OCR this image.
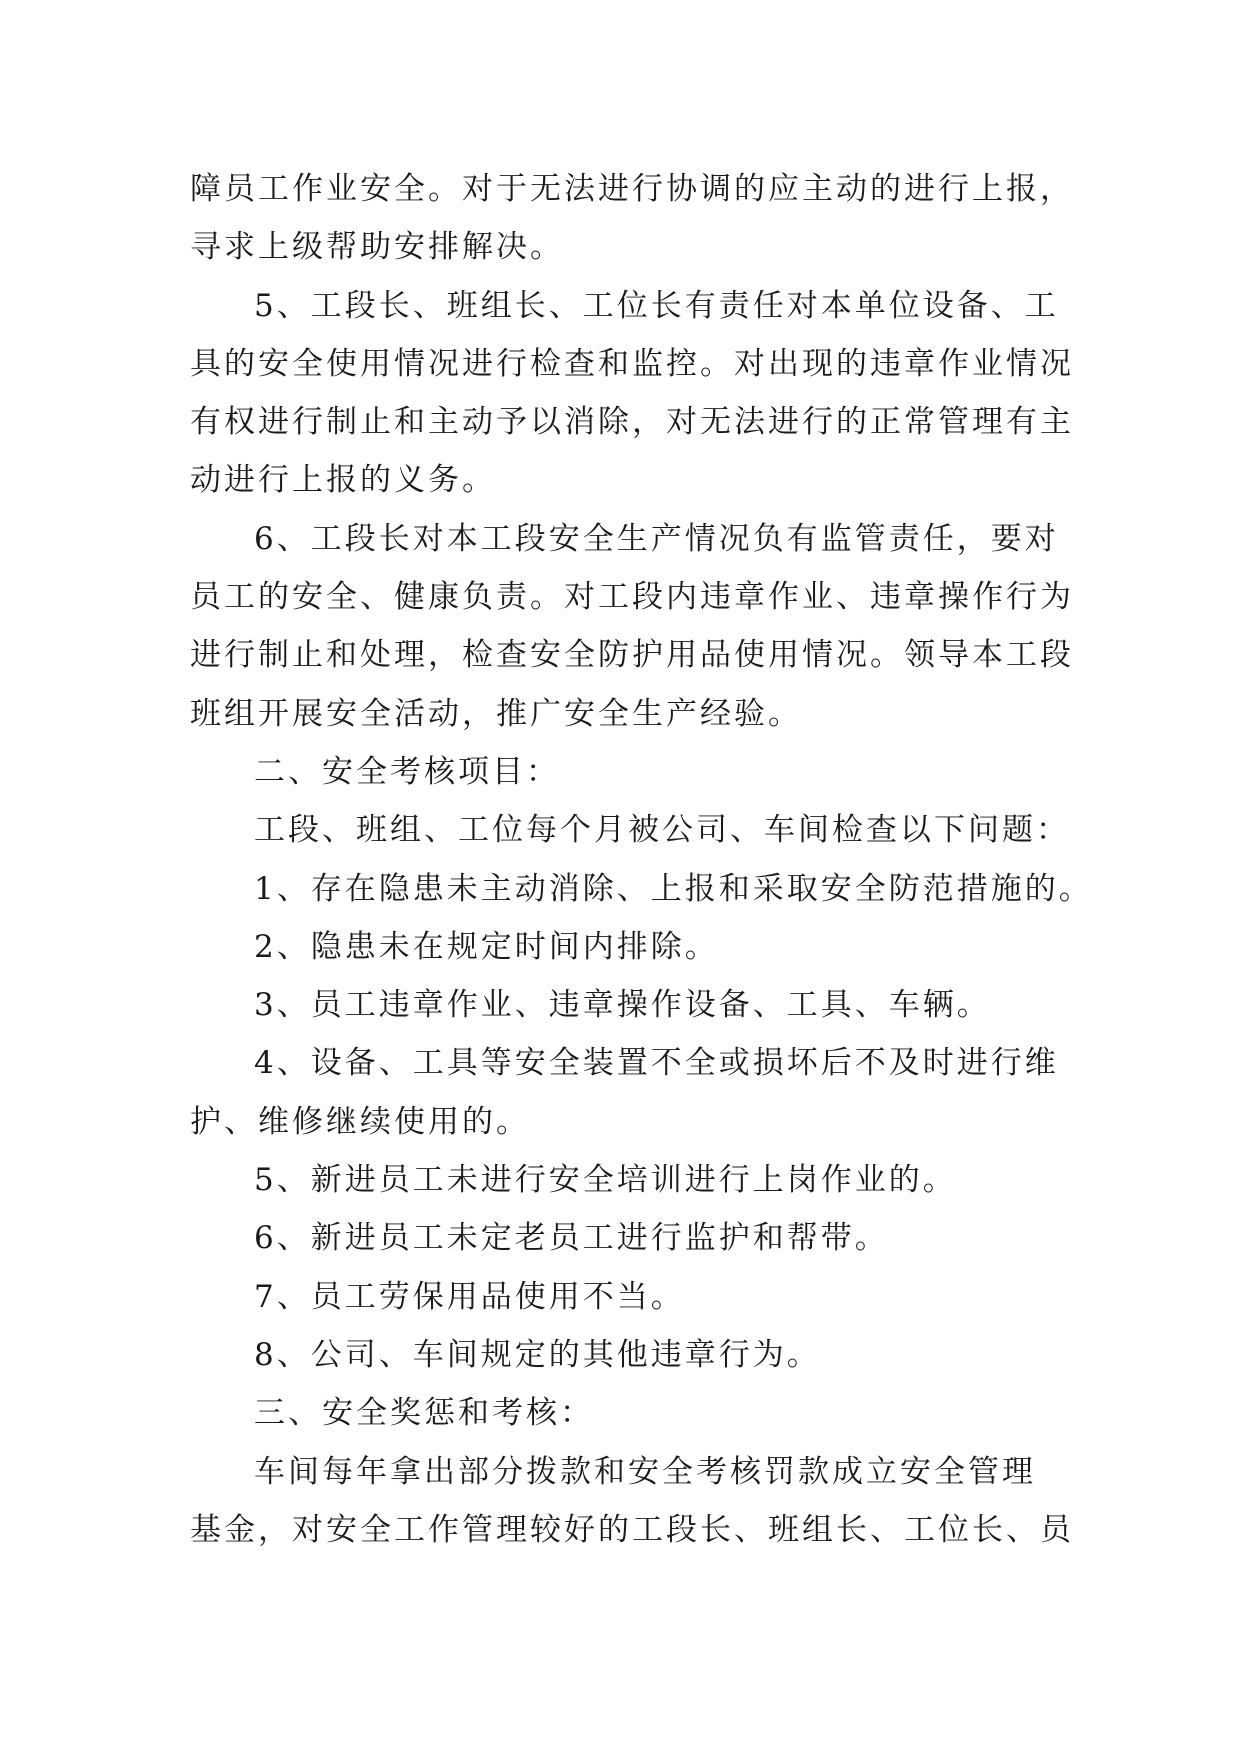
障员工作业安全。对于无法进行协调的应主动的进行上报，
寻求上级帮助安排解决。
5、工段长、班组长、工位长有责任对本单位设备、工
具的安全使用情况进行检查和监控。对出现的违章作业情况
有权进行制止和主动予以消除，对无法进行的正常管理有主
动进行上报的义务。
6、工段长对本工段安全生产情况负有监管责任，要对
员工的安全、健康负责。对工段内违章作业、违章操作行为
进行制止和处理，检查安全防护用品使用情况。领导本工段
班组开展安全活动，推广安全生产经验。
二、安全考核项目：
工段、班组、工位每个月被公司、车间检查以下问题：
1、存在隐患未主动消除、上报和采取安全防范措施的。
2、隐患未在规定时间内排除。
3、员工违章作业、违章操作设备、工具、车辆。
4、设备、工具等安全装置不全或损坏后不及时进行维
护、维修继续使用的。
5、新进员工未进行安全培训进行上岗作业的。
6、新进员工未定老员工进行监护和帮带。
7、员工劳保用品使用不当。
8、公司、车间规定的其他违章行为。
三、安全奖惩和考核：
车间每年拿出部分拨款和安全考核罚款成立安全管理
基金，对安全工作管理较好的工段长、班组长、工位长、员
